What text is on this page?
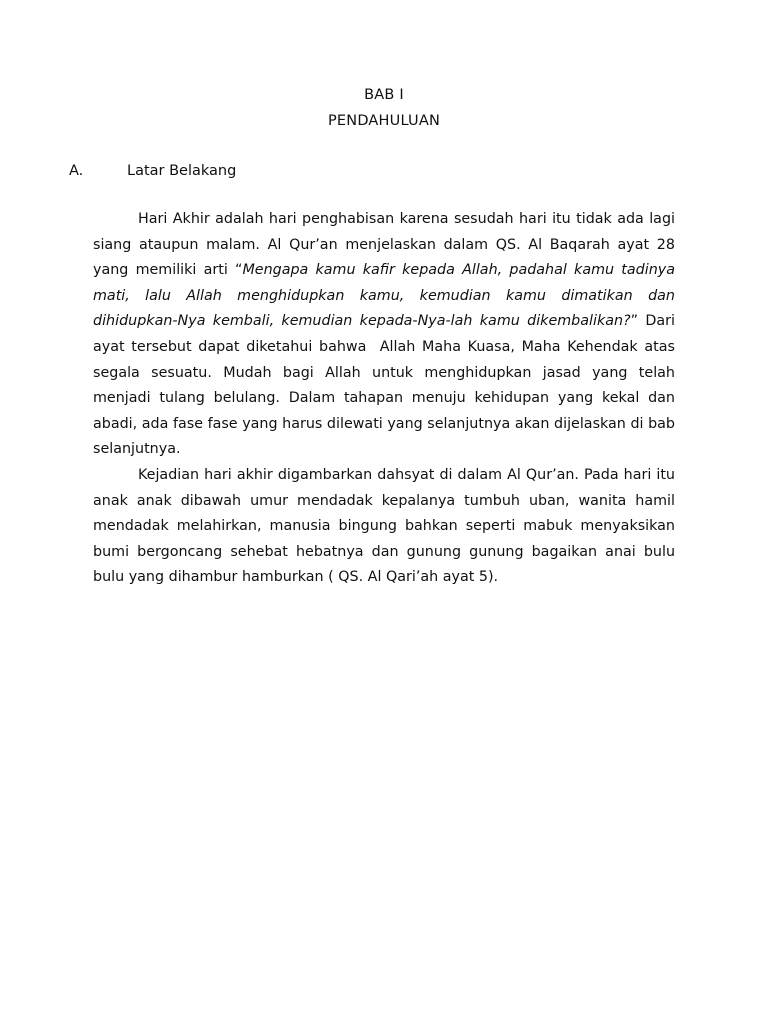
BAB I
PENDAHULUAN
A.	Latar Belakang

Hari Akhir adalah hari penghabisan karena sesudah hari itu tidak ada lagi siang ataupun malam. Al Qur’an menjelaskan dalam QS. Al Baqarah ayat 28 yang memiliki arti “Mengapa kamu kafir kepada Allah, padahal kamu tadinya mati, lalu Allah menghidupkan kamu, kemudian kamu dimatikan dan dihidupkan-Nya kembali, kemudian kepada-Nya-lah kamu dikembalikan?” Dari ayat tersebut dapat diketahui bahwa  Allah Maha Kuasa, Maha Kehendak atas segala sesuatu. Mudah bagi Allah untuk menghidupkan jasad yang telah menjadi tulang belulang. Dalam tahapan menuju kehidupan yang kekal dan abadi, ada fase fase yang harus dilewati yang selanjutnya akan dijelaskan di bab selanjutnya.

Kejadian hari akhir digambarkan dahsyat di dalam Al Qur’an. Pada hari itu anak anak dibawah umur mendadak kepalanya tumbuh uban, wanita hamil mendadak melahirkan, manusia bingung bahkan seperti mabuk menyaksikan bumi bergoncang sehebat hebatnya dan gunung gunung bagaikan anai bulu bulu yang dihambur hamburkan ( QS. Al Qari’ah ayat 5).
